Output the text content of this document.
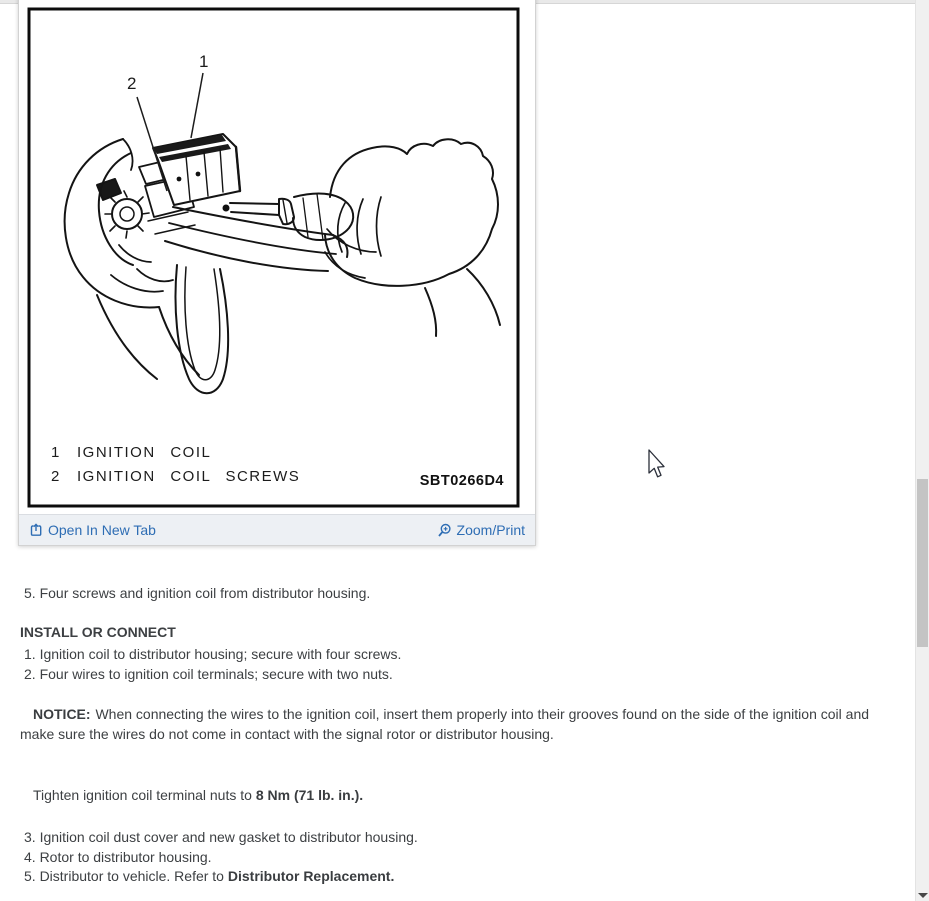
1
2
1 IGNITION COIL
2 IGNITION COIL SCREWS	SBT0266D4
Open In New Tab	Zoom/Print
5. Four screws and ignition coil from distributor housing.
INSTALL OR CONNECT
1. Ignition coil to distributor housing; secure with four screws.
2. Four wires to ignition coil terminals; secure with two nuts.
NOTICE: When connecting the wires to the ignition coil, insert them properly into their grooves found on the side of the ignition coil and
make sure the wires do not come in contact with the signal rotor or distributor housing.
Tighten ignition coil terminal nuts to 8 Nm (71 lb. in.).
3. Ignition coil dust cover and new gasket to distributor housing.
4. Rotor to distributor housing.
5. Distributor to vehicle. Refer to Distributor Replacement.
